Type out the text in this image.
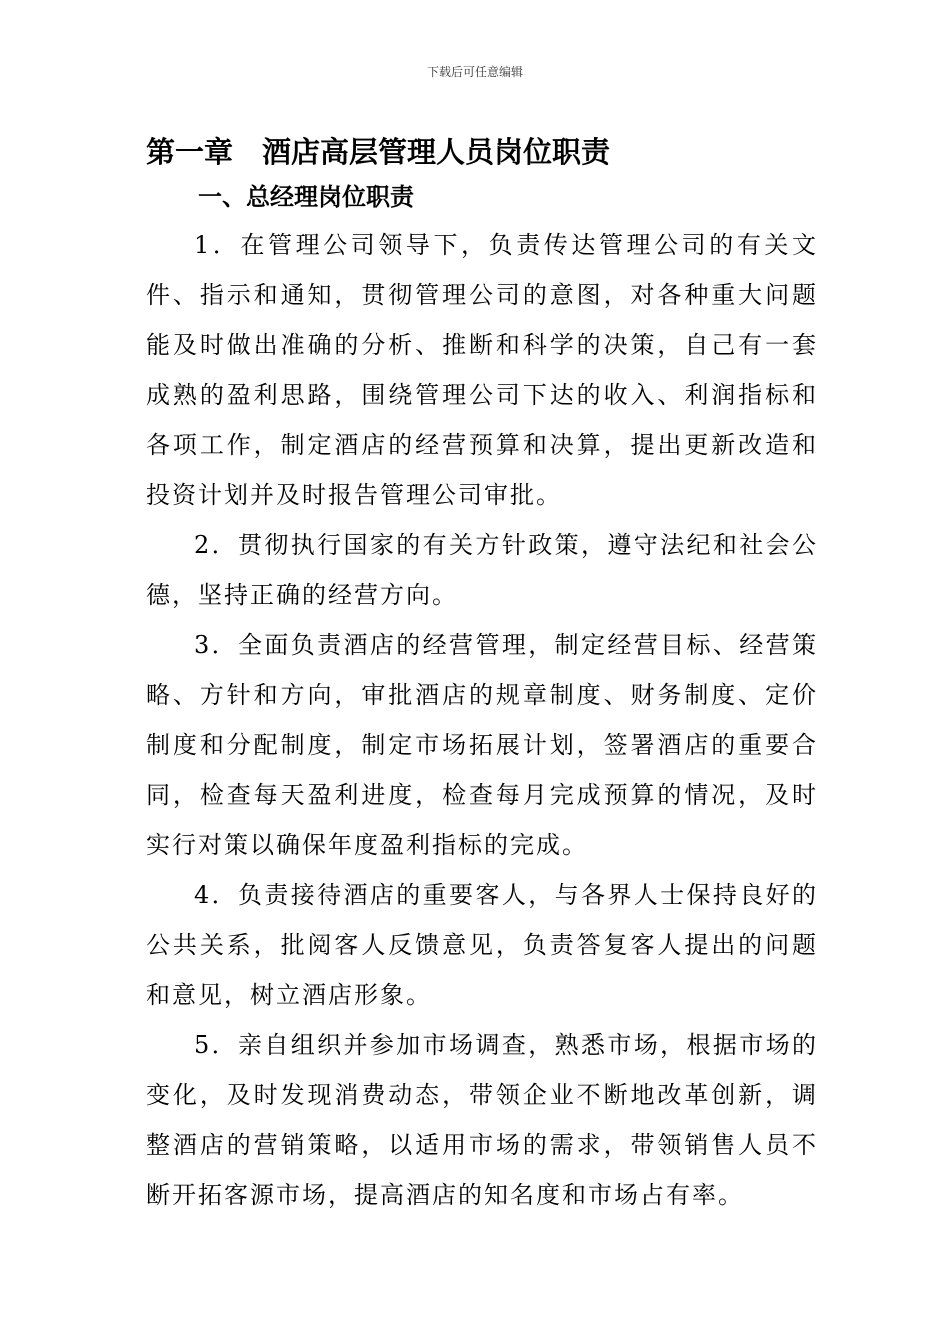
下载后可任意编辑
第一章　酒店高层管理人员岗位职责
一、总经理岗位职责

1．在管理公司领导下，负责传达管理公司的有关文件、指示和通知，贯彻管理公司的意图，对各种重大问题能及时做出准确的分析、推断和科学的决策，自己有一套成熟的盈利思路，围绕管理公司下达的收入、利润指标和各项工作，制定酒店的经营预算和决算，提出更新改造和投资计划并及时报告管理公司审批。

2．贯彻执行国家的有关方针政策，遵守法纪和社会公德，坚持正确的经营方向。

3．全面负责酒店的经营管理，制定经营目标、经营策略、方针和方向，审批酒店的规章制度、财务制度、定价制度和分配制度，制定市场拓展计划，签署酒店的重要合同，检查每天盈利进度，检查每月完成预算的情况，及时实行对策以确保年度盈利指标的完成。

4．负责接待酒店的重要客人，与各界人士保持良好的公共关系，批阅客人反馈意见，负责答复客人提出的问题和意见，树立酒店形象。

5．亲自组织并参加市场调查，熟悉市场，根据市场的变化，及时发现消费动态，带领企业不断地改革创新，调整酒店的营销策略，以适用市场的需求，带领销售人员不断开拓客源市场，提高酒店的知名度和市场占有率。
